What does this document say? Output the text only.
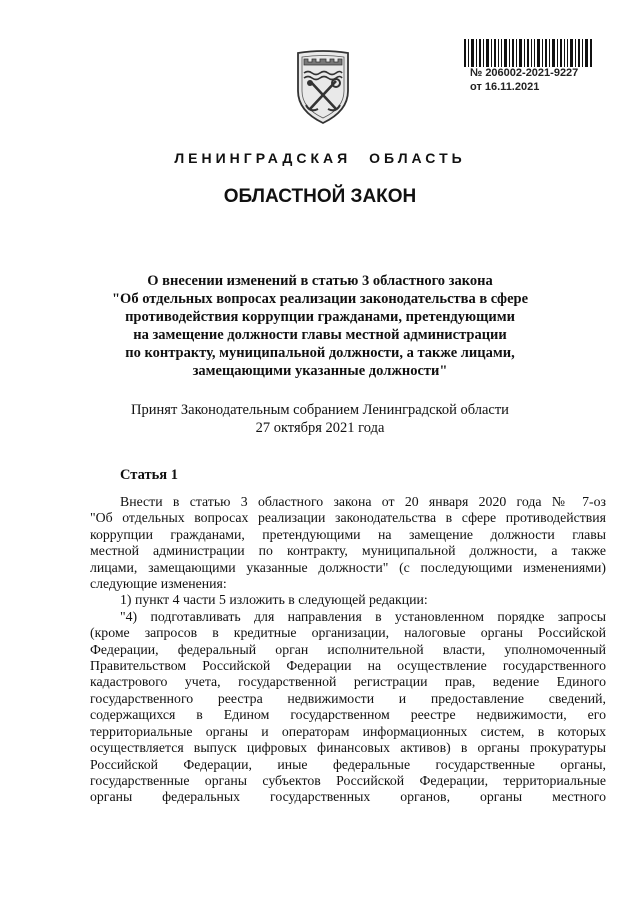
№ 206002-2021-9227
от 16.11.2021
ЛЕНИНГРАДСКАЯ ОБЛАСТЬ
ОБЛАСТНОЙ ЗАКОН
О внесении изменений в статью 3 областного закона
"Об отдельных вопросах реализации законодательства в сфере
противодействия коррупции гражданами, претендующими
на замещение должности главы местной администрации
по контракту, муниципальной должности, а также лицами,
замещающими указанные должности"
Принят Законодательным собранием Ленинградской области
27 октября 2021 года
Статья 1
Внести в статью 3 областного закона от 20 января 2020 года № 7-оз
"Об отдельных вопросах реализации законодательства в сфере противодействия
коррупции гражданами, претендующими на замещение должности главы
местной администрации по контракту, муниципальной должности, а также
лицами, замещающими указанные должности" (с последующими изменениями)
следующие изменения:
1) пункт 4 части 5 изложить в следующей редакции:
"4) подготавливать для направления в установленном порядке запросы
(кроме запросов в кредитные организации, налоговые органы Российской
Федерации, федеральный орган исполнительной власти, уполномоченный
Правительством Российской Федерации на осуществление государственного
кадастрового учета, государственной регистрации прав, ведение Единого
государственного реестра недвижимости и предоставление сведений,
содержащихся в Едином государственном реестре недвижимости, его
территориальные органы и операторам информационных систем, в которых
осуществляется выпуск цифровых финансовых активов) в органы прокуратуры
Российской Федерации, иные федеральные государственные органы,
государственные органы субъектов Российской Федерации, территориальные
органы федеральных государственных органов, органы местного
